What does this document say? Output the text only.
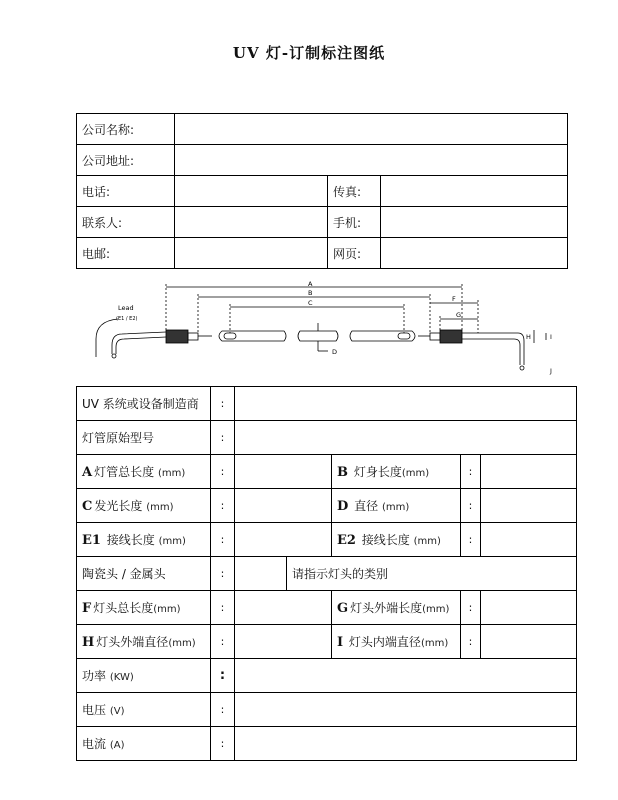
UV 灯-订制标注图纸
公司名称:			
公司地址:			
电话:		传真:	
联系人:		手机:	
电邮:		网页:	
A
B
C
D
F
G
H	I
J
Lead
(E1 / E2)
UV 系统或设备制造商	:					
灯管原始型号	:					
A 灯管总长度 (mm)	:			B 灯身长度(mm)	:	
C 发光长度 (mm)	:			D 直径 (mm)	:	
E1 接线长度 (mm)	:			E2 接线长度 (mm)	:	
陶瓷头 / 金属头	:		请指示灯头的类别			
F 灯头总长度(mm)	:			G 灯头外端长度(mm)	:	
H 灯头外端直径(mm)	:			I 灯头内端直径(mm)	:	
功率 (KW)	:					
电压 (V)	:					
电流 (A)	:					
